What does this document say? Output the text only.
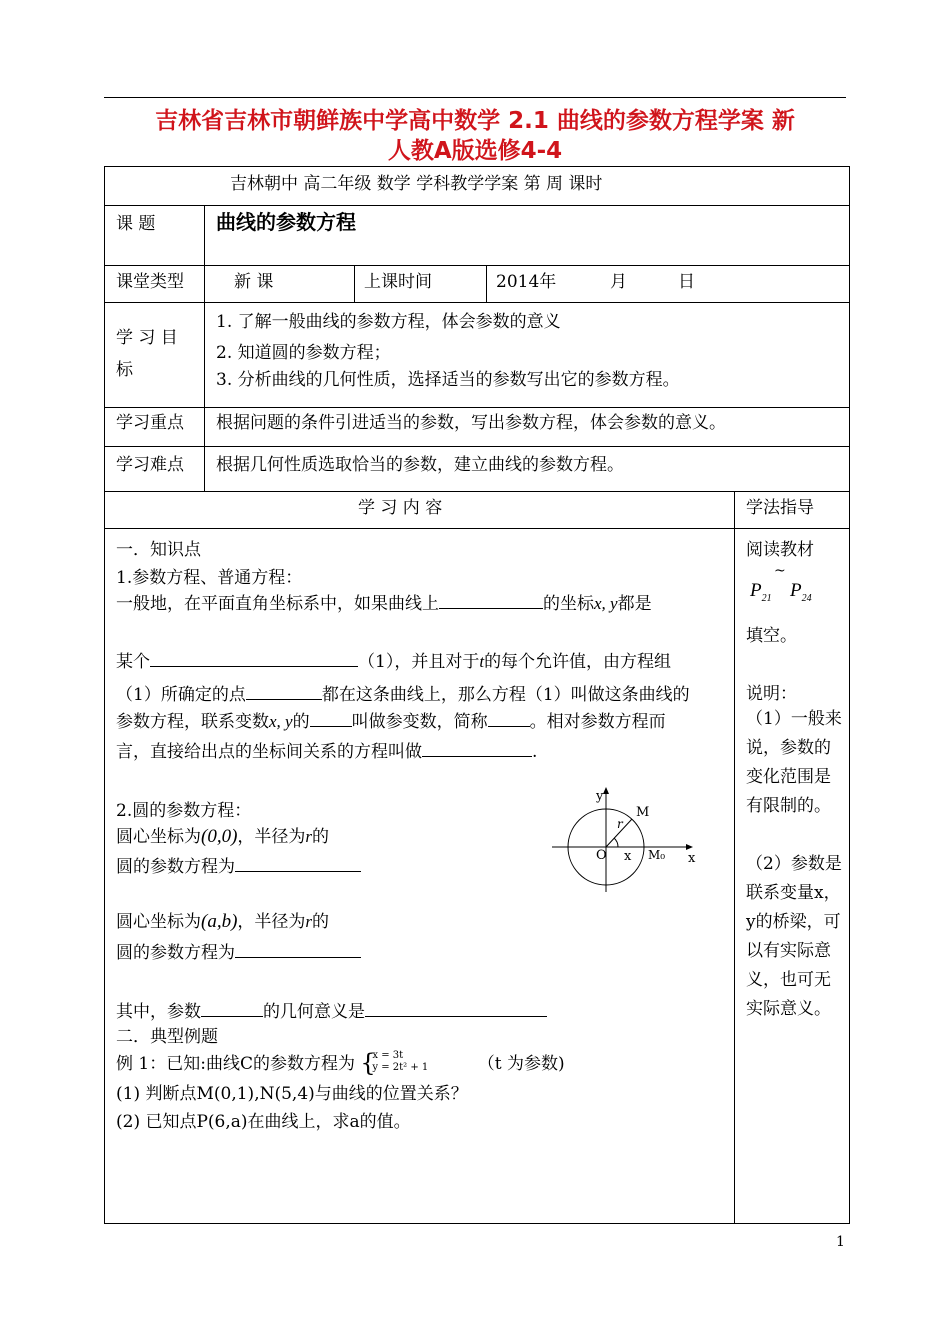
吉林省吉林市朝鲜族中学高中数学 2.1 曲线的参数方程学案 新
人教A版选修4-4
吉林朝中 高二年级 数学 学科教学学案 第 周 课时
课 题	曲线的参数方程
课堂类型	新 课	上课时间	2014年	月	日
学 习 目
标
1. 了解一般曲线的参数方程，体会参数的意义
2. 知道圆的参数方程；
3. 分析曲线的几何性质，选择适当的参数写出它的参数方程。
学习重点 根据问题的条件引进适当的参数，写出参数方程，体会参数的意义。
学习难点 根据几何性质选取恰当的参数，建立曲线的参数方程。
学 习 内 容	学法指导
一．知识点
1.参数方程、普通方程：
一般地，在平面直角坐标系中，如果曲线上	的坐标x, y都是
某个	（1），并且对于t的每个允许值，由方程组
（1）所确定的点	都在这条曲线上，那么方程（1）叫做这条曲线的
参数方程，联系变数x, y的 叫做参变数，简称 。相对参数方程而
言，直接给出点的坐标间关系的方程叫做	.
2.圆的参数方程：
圆心坐标为(0,0)，半径为r的
圆的参数方程为
圆心坐标为(a,b)，半径为r的
圆的参数方程为
其中，参数	的几何意义是
二．典型例题
例 1：已知:曲线C的参数方程为 {
x = 3t
y = 2t² + 1	（t 为参数)
(1) 判断点M(0,1),N(5,4)与曲线的位置关系？
(2) 已知点P(6,a)在曲线上，求a的值。
y
x
O
M
M₀
r
x
阅读教材
~
$P_{21}$ $P_{24}$
填空。
说明：
（1）一般来说，参数的变化范围是有限制的。
（2）参数是联系变量x，y的桥梁，可以有实际意义，也可无实际意义。
1
